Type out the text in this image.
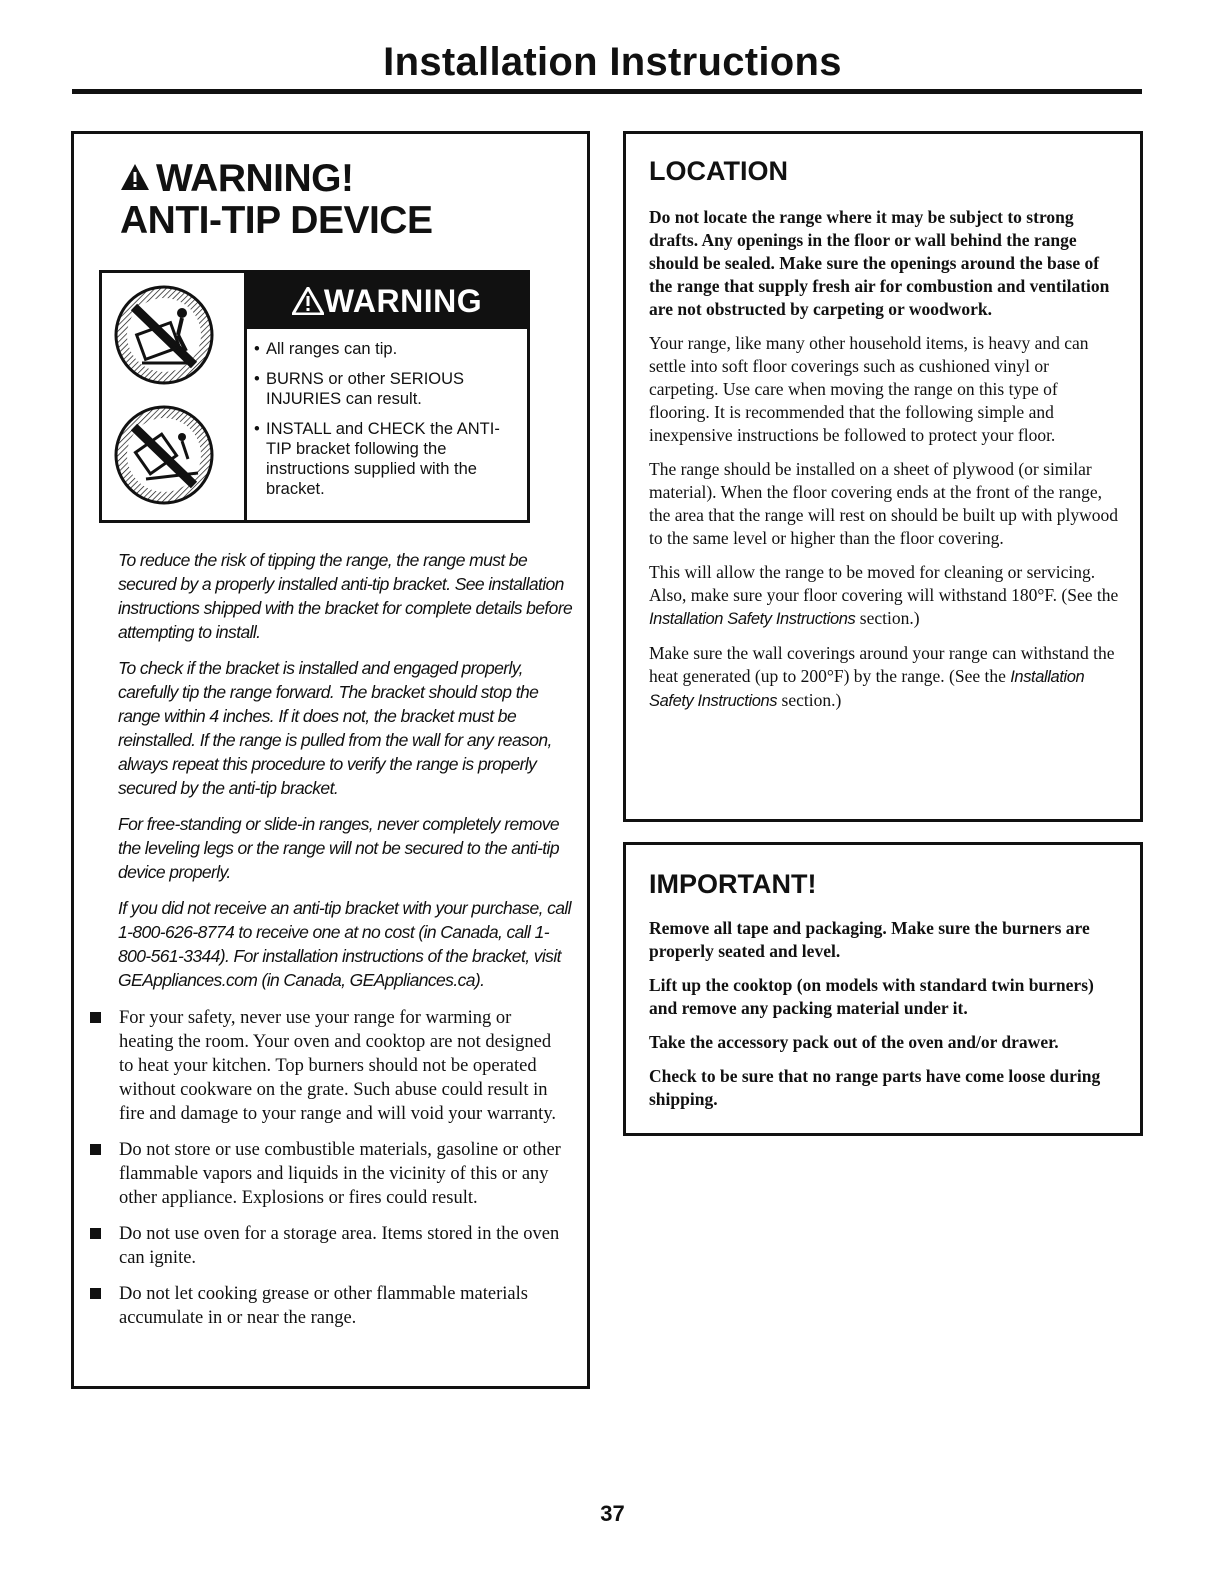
Installation Instructions
WARNING!
ANTI-TIP DEVICE
WARNING
• All ranges can tip.
• BURNS or other SERIOUS INJURIES can result.
• INSTALL and CHECK the ANTI-TIP bracket following the instructions supplied with the bracket.

To reduce the risk of tipping the range, the range must be secured by a properly installed anti-tip bracket. See installation instructions shipped with the bracket for complete details before attempting to install.

To check if the bracket is installed and engaged properly, carefully tip the range forward. The bracket should stop the range within 4 inches. If it does not, the bracket must be reinstalled. If the range is pulled from the wall for any reason, always repeat this procedure to verify the range is properly secured by the anti-tip bracket.

For free-standing or slide-in ranges, never completely remove the leveling legs or the range will not be secured to the anti-tip device properly.

If you did not receive an anti-tip bracket with your purchase, call 1-800-626-8774 to receive one at no cost (in Canada, call 1-800-561-3344). For installation instructions of the bracket, visit GEAppliances.com (in Canada, GEAppliances.ca).

For your safety, never use your range for warming or heating the room. Your oven and cooktop are not designed to heat your kitchen. Top burners should not be operated without cookware on the grate. Such abuse could result in fire and damage to your range and will void your warranty.
Do not store or use combustible materials, gasoline or other flammable vapors and liquids in the vicinity of this or any other appliance. Explosions or fires could result.
Do not use oven for a storage area. Items stored in the oven can ignite.
Do not let cooking grease or other flammable materials accumulate in or near the range.
LOCATION

Do not locate the range where it may be subject to strong drafts. Any openings in the floor or wall behind the range should be sealed. Make sure the openings around the base of the range that supply fresh air for combustion and ventilation are not obstructed by carpeting or woodwork.

Your range, like many other household items, is heavy and can settle into soft floor coverings such as cushioned vinyl or carpeting. Use care when moving the range on this type of flooring. It is recommended that the following simple and inexpensive instructions be followed to protect your floor.

The range should be installed on a sheet of plywood (or similar material). When the floor covering ends at the front of the range, the area that the range will rest on should be built up with plywood to the same level or higher than the floor covering.

This will allow the range to be moved for cleaning or servicing. Also, make sure your floor covering will withstand 180°F. (See the Installation Safety Instructions section.)

Make sure the wall coverings around your range can withstand the heat generated (up to 200°F) by the range. (See the Installation Safety Instructions section.)

IMPORTANT!

Remove all tape and packaging. Make sure the burners are properly seated and level.

Lift up the cooktop (on models with standard twin burners) and remove any packing material under it.

Take the accessory pack out of the oven and/or drawer.

Check to be sure that no range parts have come loose during shipping.

37
